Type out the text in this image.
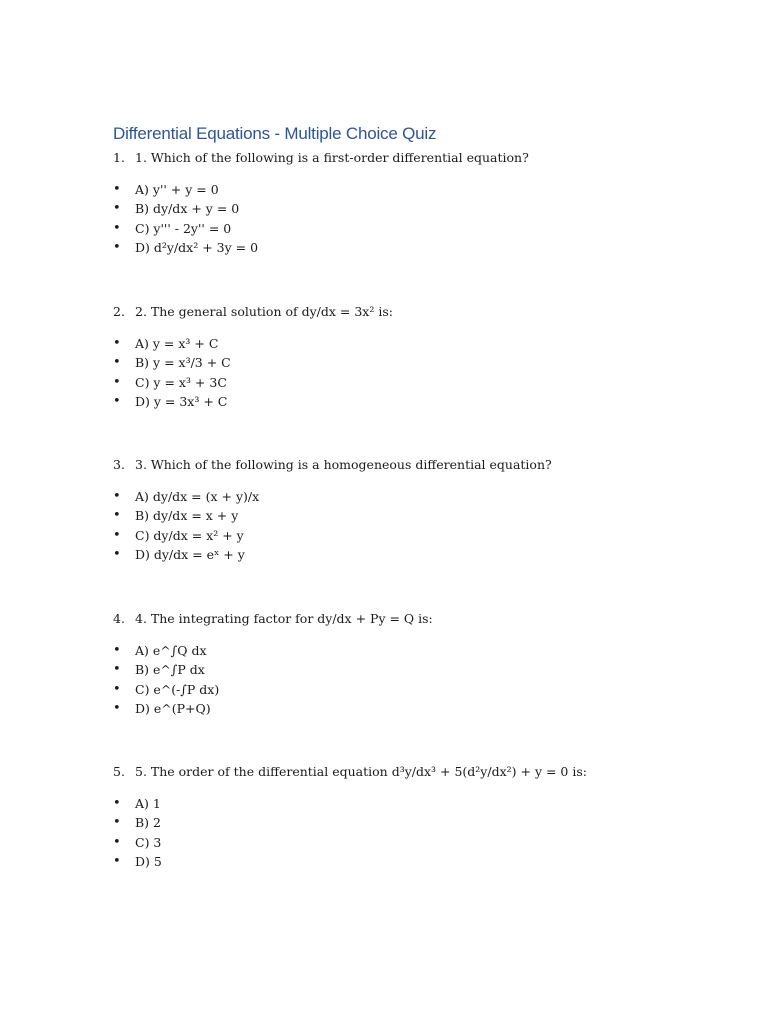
Differential Equations - Multiple Choice Quiz
1. 1. Which of the following is a first-order differential equation?
•	A) y'' + y = 0
•	B) dy/dx + y = 0
•	C) y''' - 2y'' = 0
•	D) d²y/dx² + 3y = 0
2. 2. The general solution of dy/dx = 3x² is:
•	A) y = x³ + C
•	B) y = x³/3 + C
•	C) y = x³ + 3C
•	D) y = 3x³ + C
3. 3. Which of the following is a homogeneous differential equation?
•	A) dy/dx = (x + y)/x
•	B) dy/dx = x + y
•	C) dy/dx = x² + y
•	D) dy/dx = eˣ + y
4. 4. The integrating factor for dy/dx + Py = Q is:
•	A) e^∫Q dx
•	B) e^∫P dx
•	C) e^(-∫P dx)
•	D) e^(P+Q)
5. 5. The order of the differential equation d³y/dx³ + 5(d²y/dx²) + y = 0 is:
•	A) 1
•	B) 2
•	C) 3
•	D) 5
